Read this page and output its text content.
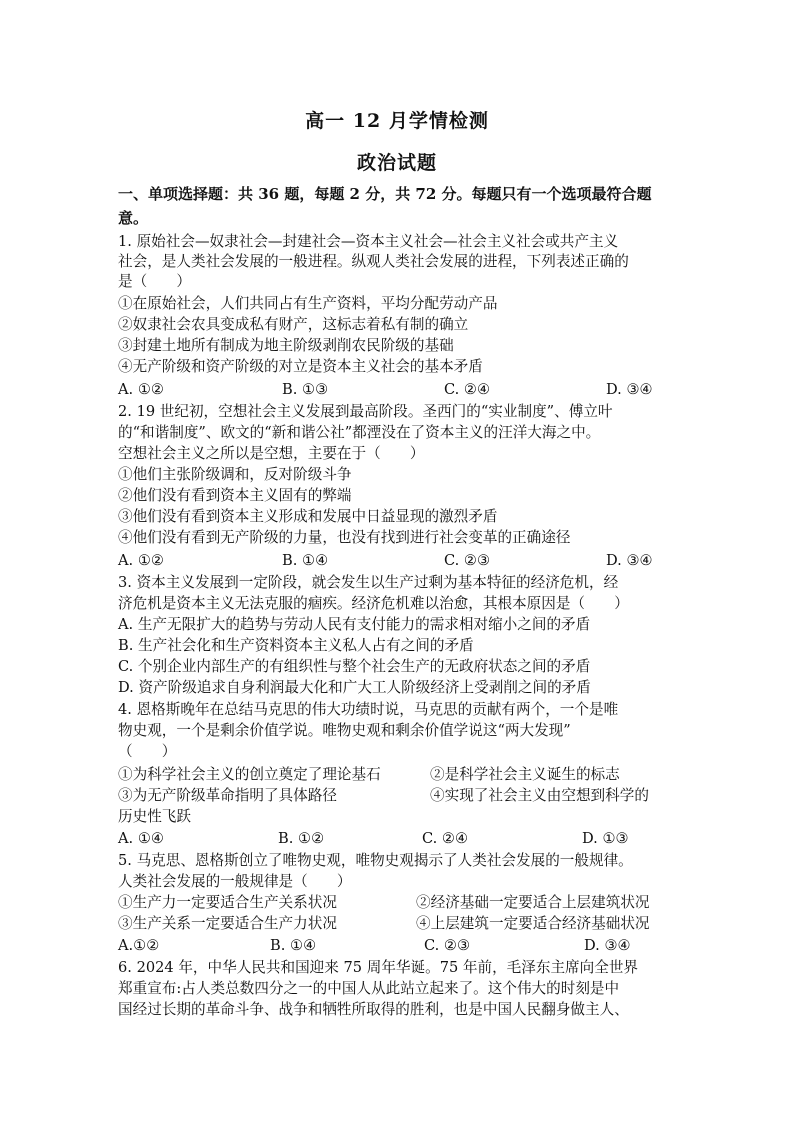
高一 12 月学情检测
政治试题
一、单项选择题：共 36 题，每题 2 分，共 72 分。每题只有一个选项最符合题
意。
1. 原始社会—奴隶社会—封建社会—资本主义社会—社会主义社会或共产主义
社会，是人类社会发展的一般进程。纵观人类社会发展的进程，下列表述正确的
是（　　）
①在原始社会，人们共同占有生产资料，平均分配劳动产品
②奴隶社会农具变成私有财产，这标志着私有制的确立
③封建土地所有制成为地主阶级剥削农民阶级的基础
④无产阶级和资产阶级的对立是资本主义社会的基本矛盾
A. ①②	B. ①③	C. ②④	D. ③④
2. 19 世纪初，空想社会主义发展到最高阶段。圣西门的“实业制度”、傅立叶
的“和谐制度”、欧文的“新和谐公社”都湮没在了资本主义的汪洋大海之中。
空想社会主义之所以是空想，主要在于（　　）
①他们主张阶级调和，反对阶级斗争
②他们没有看到资本主义固有的弊端
③他们没有看到资本主义形成和发展中日益显现的激烈矛盾
④他们没有看到无产阶级的力量，也没有找到进行社会变革的正确途径
A. ①②	B. ①④	C. ②③	D. ③④
3. 资本主义发展到一定阶段，就会发生以生产过剩为基本特征的经济危机，经
济危机是资本主义无法克服的痼疾。经济危机难以治愈，其根本原因是（　　）
A. 生产无限扩大的趋势与劳动人民有支付能力的需求相对缩小之间的矛盾
B. 生产社会化和生产资料资本主义私人占有之间的矛盾
C. 个别企业内部生产的有组织性与整个社会生产的无政府状态之间的矛盾
D. 资产阶级追求自身利润最大化和广大工人阶级经济上受剥削之间的矛盾
4. 恩格斯晚年在总结马克思的伟大功绩时说，马克思的贡献有两个，一个是唯
物史观，一个是剩余价值学说。唯物史观和剩余价值学说这“两大发现”
（　　）
①为科学社会主义的创立奠定了理论基石	②是科学社会主义诞生的标志
③为无产阶级革命指明了具体路径	④实现了社会主义由空想到科学的
历史性飞跃
A. ①④	B. ①②	C. ②④	D. ①③
5. 马克思、恩格斯创立了唯物史观，唯物史观揭示了人类社会发展的一般规律。
人类社会发展的一般规律是（　　）
①生产力一定要适合生产关系状况	②经济基础一定要适合上层建筑状况
③生产关系一定要适合生产力状况	④上层建筑一定要适合经济基础状况
A.①②	B. ①④	C. ②③	D. ③④
6. 2024 年，中华人民共和国迎来 75 周年华诞。75 年前，毛泽东主席向全世界
郑重宣布:占人类总数四分之一的中国人从此站立起来了。这个伟大的时刻是中
国经过长期的革命斗争、战争和牺牲所取得的胜利，也是中国人民翻身做主人、
